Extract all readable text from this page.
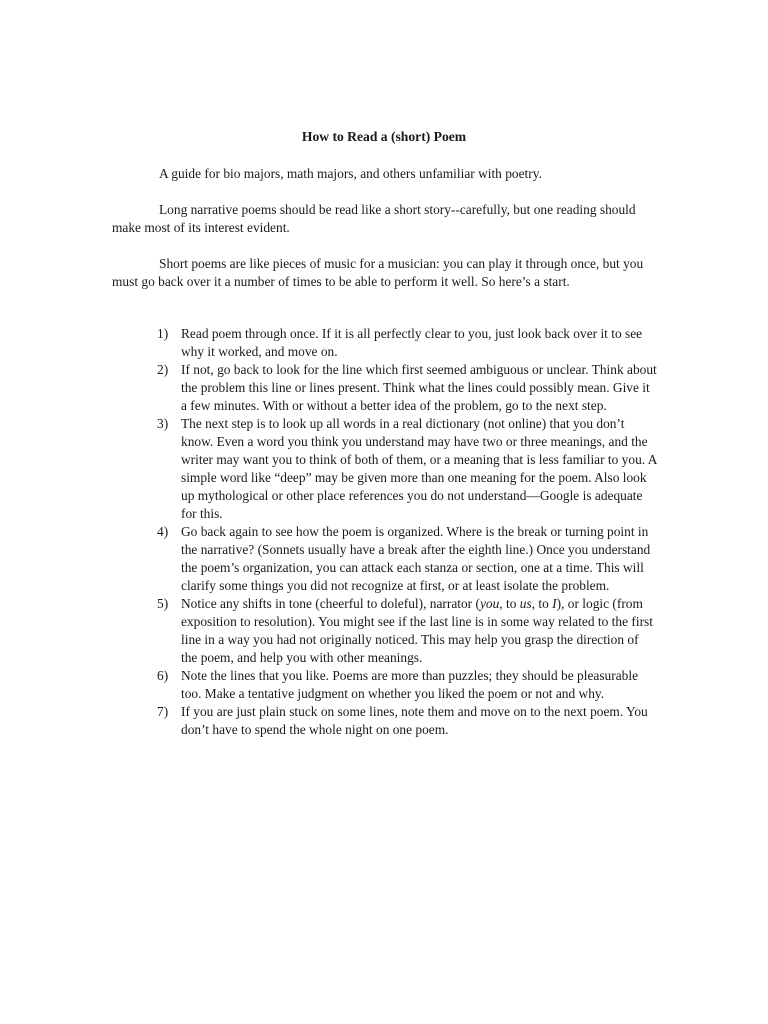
How to Read a (short) Poem

A guide for bio majors, math majors, and others unfamiliar with poetry.

Long narrative poems should be read like a short story--carefully, but one reading should make most of its interest evident.

Short poems are like pieces of music for a musician: you can play it through once, but you must go back over it a number of times to be able to perform it well. So here’s a start.

1) Read poem through once. If it is all perfectly clear to you, just look back over it to see why it worked, and move on.
2) If not, go back to look for the line which first seemed ambiguous or unclear. Think about the problem this line or lines present. Think what the lines could possibly mean. Give it a few minutes. With or without a better idea of the problem, go to the next step.
3) The next step is to look up all words in a real dictionary (not online) that you don’t know. Even a word you think you understand may have two or three meanings, and the writer may want you to think of both of them, or a meaning that is less familiar to you. A simple word like “deep” may be given more than one meaning for the poem. Also look up mythological or other place references you do not understand—Google is adequate for this.
4) Go back again to see how the poem is organized. Where is the break or turning point in the narrative? (Sonnets usually have a break after the eighth line.) Once you understand the poem’s organization, you can attack each stanza or section, one at a time. This will clarify some things you did not recognize at first, or at least isolate the problem.
5) Notice any shifts in tone (cheerful to doleful), narrator (you, to us, to I), or logic (from exposition to resolution). You might see if the last line is in some way related to the first line in a way you had not originally noticed. This may help you grasp the direction of the poem, and help you with other meanings.
6) Note the lines that you like. Poems are more than puzzles; they should be pleasurable too. Make a tentative judgment on whether you liked the poem or not and why.
7) If you are just plain stuck on some lines, note them and move on to the next poem. You don’t have to spend the whole night on one poem.
